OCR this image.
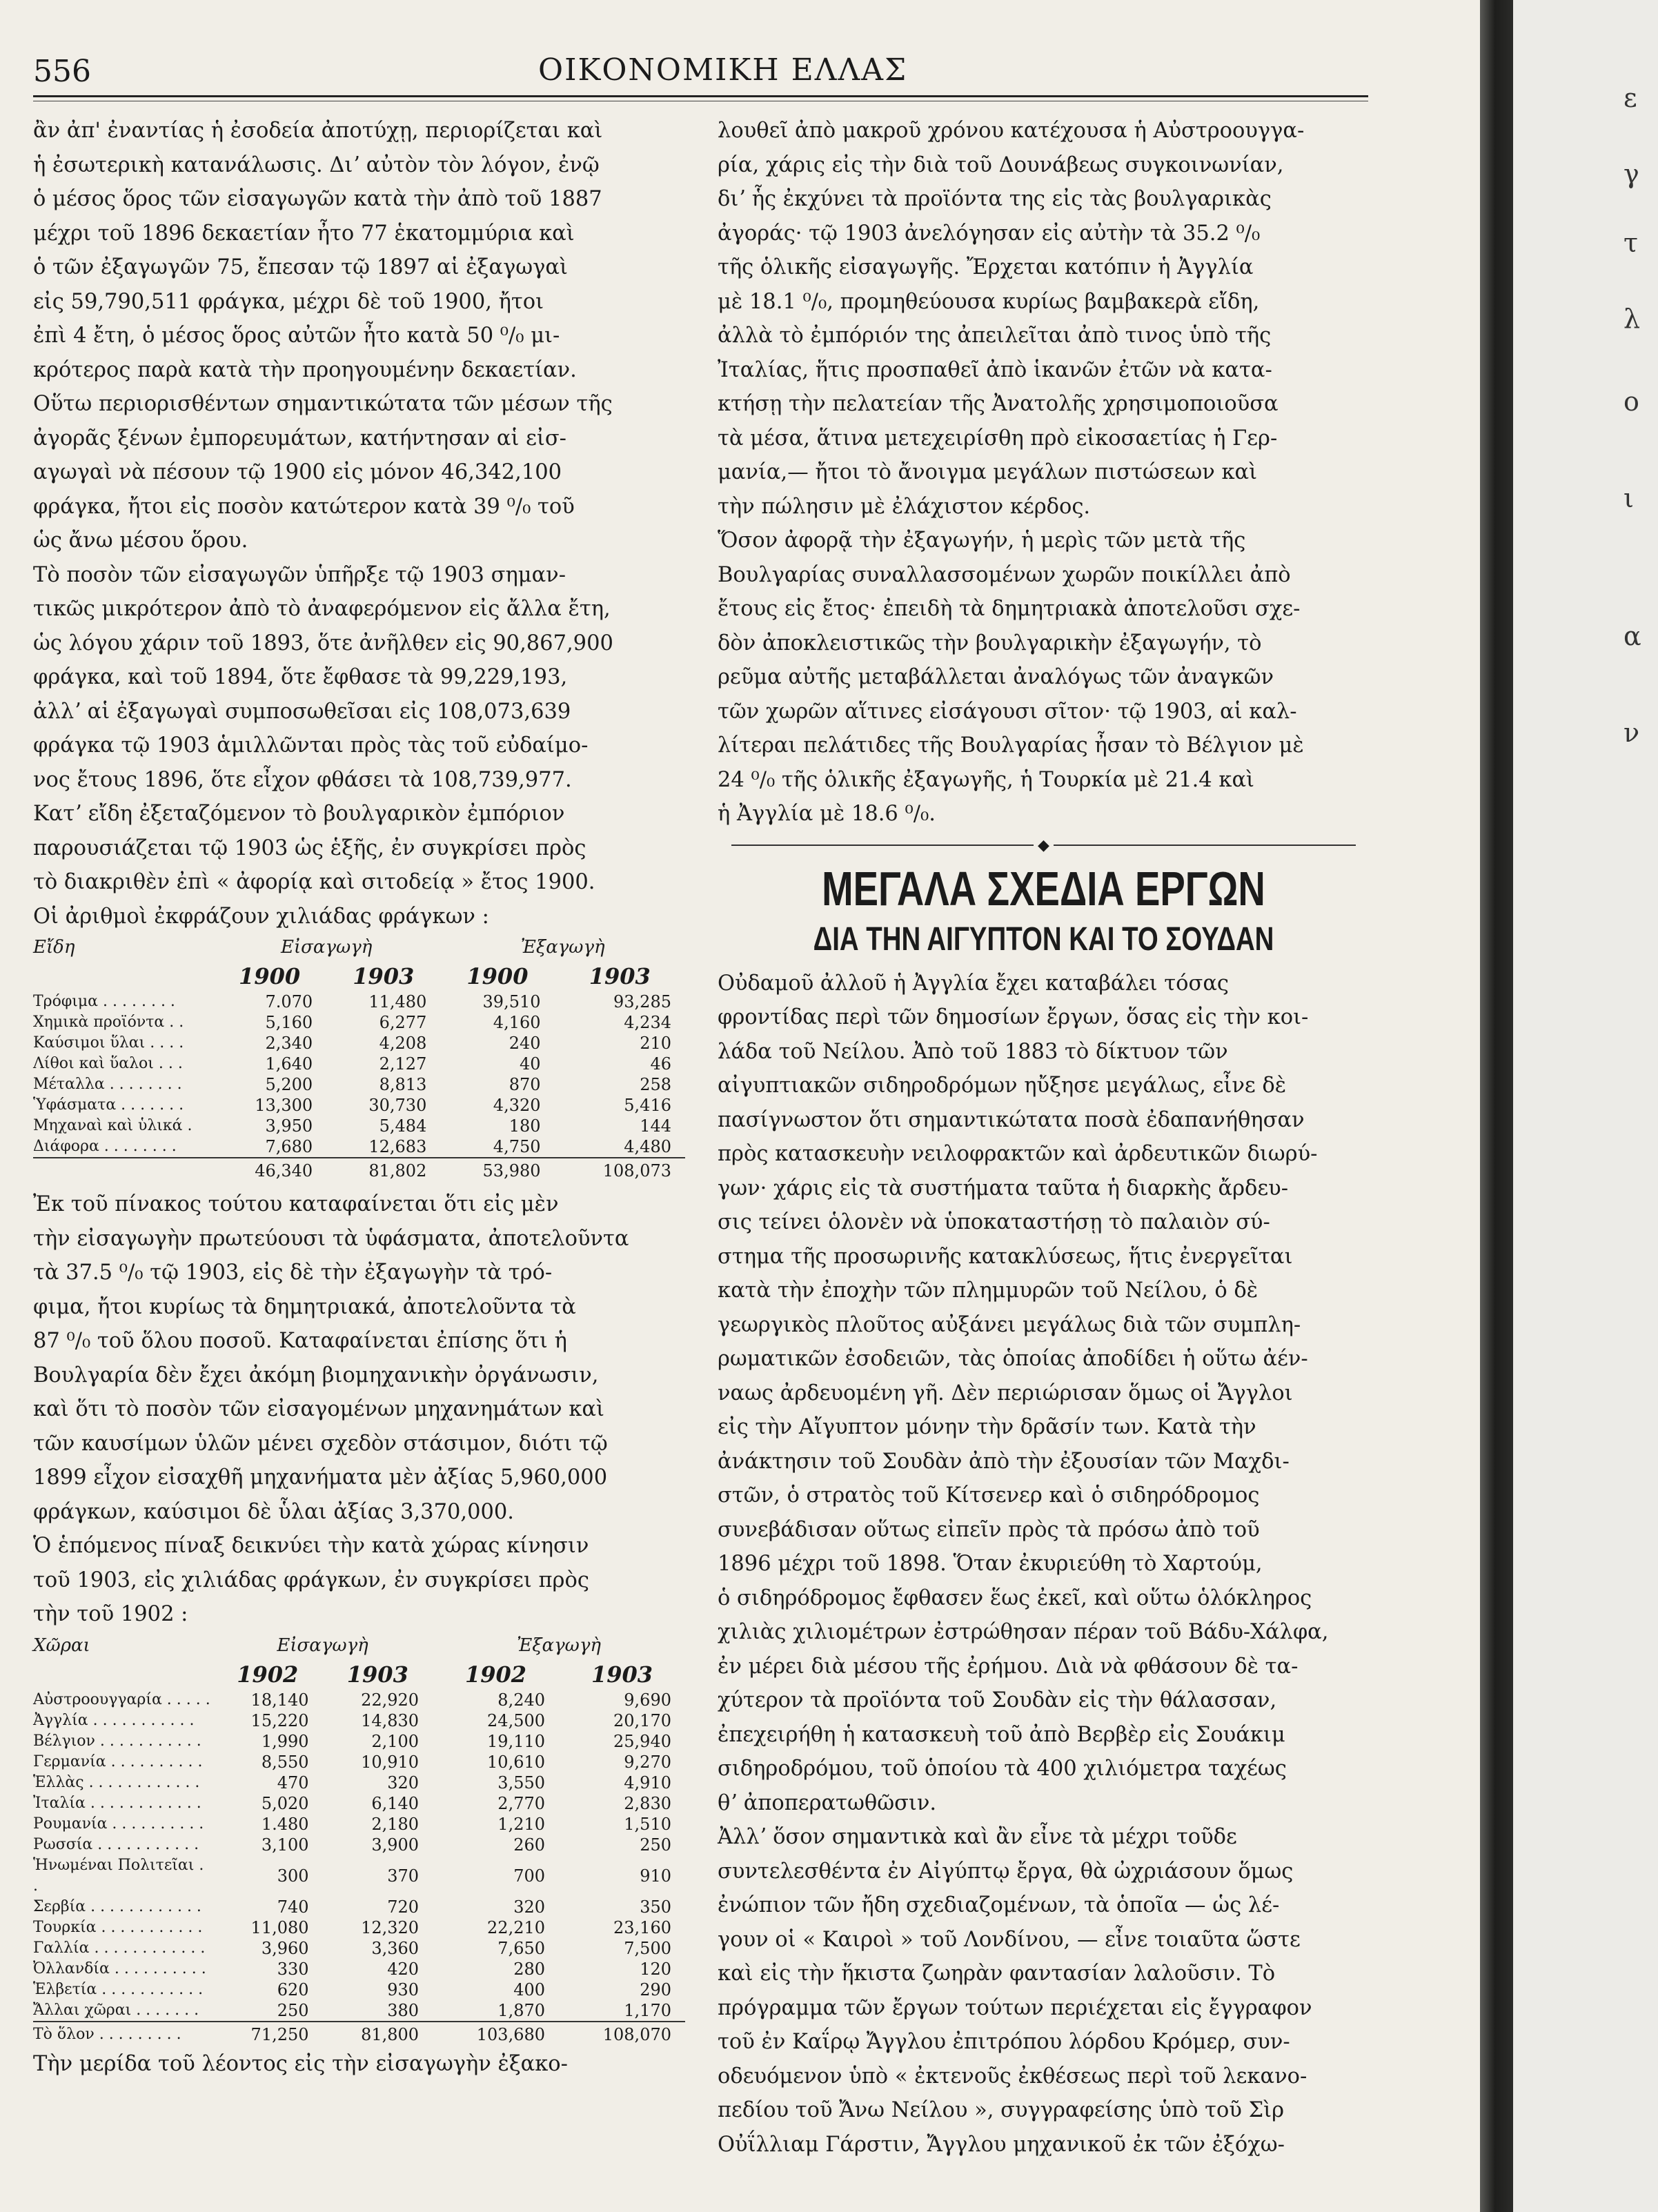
556	ΟΙΚΟΝΟΜΙΚΗ ΕΛΛΑΣ

ἂν ἀπ' ἐναντίας ἡ ἐσοδεία ἀποτύχῃ, περιορίζεται καὶ
ἡ ἐσωτερικὴ κατανάλωσις. Διʼ αὐτὸν τὸν λόγον, ἐνῷ
ὁ μέσος ὅρος τῶν εἰσαγωγῶν κατὰ τὴν ἀπὸ τοῦ 1887
μέχρι τοῦ 1896 δεκαετίαν ἦτο 77 ἑκατομμύρια καὶ
ὁ τῶν ἐξαγωγῶν 75, ἔπεσαν τῷ 1897 αἱ ἐξαγωγαὶ
εἰς 59,790,511 φράγκα, μέχρι δὲ τοῦ 1900, ἤτοι
ἐπὶ 4 ἔτη, ὁ μέσος ὅρος αὐτῶν ἦτο κατὰ 50 ⁰/₀ μι-
κρότερος παρὰ κατὰ τὴν προηγουμένην δεκαετίαν.
Οὕτω περιορισθέντων σημαντικώτατα τῶν μέσων τῆς
ἀγορᾶς ξένων ἐμπορευμάτων, κατήντησαν αἱ εἰσ-
αγωγαὶ νὰ πέσουν τῷ 1900 εἰς μόνον 46,342,100
φράγκα, ἤτοι εἰς ποσὸν κατώτερον κατὰ 39 ⁰/₀ τοῦ
ὡς ἄνω μέσου ὅρου.

Τὸ ποσὸν τῶν εἰσαγωγῶν ὑπῆρξε τῷ 1903 σημαν-
τικῶς μικρότερον ἀπὸ τὸ ἀναφερόμενον εἰς ἄλλα ἔτη,
ὡς λόγου χάριν τοῦ 1893, ὅτε ἀνῆλθεν εἰς 90,867,900
φράγκα, καὶ τοῦ 1894, ὅτε ἔφθασε τὰ 99,229,193,
ἀλλʼ αἱ ἐξαγωγαὶ συμποσωθεῖσαι εἰς 108,073,639
φράγκα τῷ 1903 ἁμιλλῶνται πρὸς τὰς τοῦ εὐδαίμο-
νος ἔτους 1896, ὅτε εἶχον φθάσει τὰ 108,739,977.

Κατʼ εἴδη ἐξεταζόμενον τὸ βουλγαρικὸν ἐμπόριον
παρουσιάζεται τῷ 1903 ὡς ἑξῆς, ἐν συγκρίσει πρὸς
τὸ διακριθὲν ἐπὶ « ἀφορίᾳ καὶ σιτοδείᾳ » ἔτος 1900.
Οἱ ἀριθμοὶ ἐκφράζουν χιλιάδας φράγκων :

Εἴδη	Εἰσαγωγὴ		Ἐξαγωγὴ	
	1900	1903	1900	1903
Τρόφιμα . . . . . . . .	7.070	11,480	39,510	93,285
Χημικὰ προϊόντα . .	5,160	6,277	4,160	4,234
Καύσιμοι ὕλαι . . . .	2,340	4,208	240	210
Λίθοι καὶ ὕαλοι . . .	1,640	2,127	40	46
Μέταλλα . . . . . . . .	5,200	8,813	870	258
Ὑφάσματα . . . . . . .	13,300	30,730	4,320	5,416
Μηχαναὶ καὶ ὑλικά .	3,950	5,484	180	144
Διάφορα . . . . . . . .	7,680	12,683	4,750	4,480
	46,340	81,802	53,980	108,073

Ἐκ τοῦ πίνακος τούτου καταφαίνεται ὅτι εἰς μὲν
τὴν εἰσαγωγὴν πρωτεύουσι τὰ ὑφάσματα, ἀποτελοῦντα
τὰ 37.5 ⁰/₀ τῷ 1903, εἰς δὲ τὴν ἐξαγωγὴν τὰ τρό-
φιμα, ἤτοι κυρίως τὰ δημητριακά, ἀποτελοῦντα τὰ
87 ⁰/₀ τοῦ ὅλου ποσοῦ. Καταφαίνεται ἐπίσης ὅτι ἡ
Βουλγαρία δὲν ἔχει ἀκόμη βιομηχανικὴν ὀργάνωσιν,
καὶ ὅτι τὸ ποσὸν τῶν εἰσαγομένων μηχανημάτων καὶ
τῶν καυσίμων ὑλῶν μένει σχεδὸν στάσιμον, διότι τῷ
1899 εἶχον εἰσαχθῆ μηχανήματα μὲν ἀξίας 5,960,000
φράγκων, καύσιμοι δὲ ὗλαι ἀξίας 3,370,000.

Ὁ ἑπόμενος πίναξ δεικνύει τὴν κατὰ χώρας κίνησιν
τοῦ 1903, εἰς χιλιάδας φράγκων, ἐν συγκρίσει πρὸς
τὴν τοῦ 1902 :

Χῶραι	Εἰσαγωγὴ		Ἐξαγωγὴ	
	1902	1903	1902	1903
Αὐστροουγγαρία . . . . .	18,140	22,920	8,240	9,690
Ἀγγλία . . . . . . . . . . .	15,220	14,830	24,500	20,170
Βέλγιον . . . . . . . . . . .	1,990	2,100	19,110	25,940
Γερμανία . . . . . . . . . .	8,550	10,910	10,610	9,270
Ἑλλὰς . . . . . . . . . . . .	470	320	3,550	4,910
Ἰταλία . . . . . . . . . . . .	5,020	6,140	2,770	2,830
Ρουμανία . . . . . . . . . .	1.480	2,180	1,210	1,510
Ρωσσία . . . . . . . . . . .	3,100	3,900	260	250
Ἡνωμέναι Πολιτεῖαι . .	300	370	700	910
Σερβία . . . . . . . . . . . .	740	720	320	350
Τουρκία . . . . . . . . . . .	11,080	12,320	22,210	23,160
Γαλλία . . . . . . . . . . . .	3,960	3,360	7,650	7,500
Ὀλλανδία . . . . . . . . . .	330	420	280	120
Ἑλβετία . . . . . . . . . . .	620	930	400	290
Ἄλλαι χῶραι . . . . . . .	250	380	1,870	1,170
Τὸ ὅλον . . . . . . . . .	71,250	81,800	103,680	108,070

Τὴν μερίδα τοῦ λέοντος εἰς τὴν εἰσαγωγὴν ἐξακο-

λουθεῖ ἀπὸ μακροῦ χρόνου κατέχουσα ἡ Αὐστροουγγα-
ρία, χάρις εἰς τὴν διὰ τοῦ Δουνάβεως συγκοινωνίαν,
διʼ ἧς ἐκχύνει τὰ προϊόντα της εἰς τὰς βουλγαρικὰς
ἀγοράς· τῷ 1903 ἀνελόγησαν εἰς αὐτὴν τὰ 35.2 ⁰/₀
τῆς ὁλικῆς εἰσαγωγῆς. Ἔρχεται κατόπιν ἡ Ἀγγλία
μὲ 18.1 ⁰/₀, προμηθεύουσα κυρίως βαμβακερὰ εἴδη,
ἀλλὰ τὸ ἐμπόριόν της ἀπειλεῖται ἀπὸ τινος ὑπὸ τῆς
Ἰταλίας, ἥτις προσπαθεῖ ἀπὸ ἱκανῶν ἐτῶν νὰ κατα-
κτήσῃ τὴν πελατείαν τῆς Ἀνατολῆς χρησιμοποιοῦσα
τὰ μέσα, ἅτινα μετεχειρίσθη πρὸ εἰκοσαετίας ἡ Γερ-
μανία,— ἤτοι τὸ ἄνοιγμα μεγάλων πιστώσεων καὶ
τὴν πώλησιν μὲ ἐλάχιστον κέρδος.

Ὅσον ἀφορᾷ τὴν ἐξαγωγήν, ἡ μερὶς τῶν μετὰ τῆς
Βουλγαρίας συναλλασσομένων χωρῶν ποικίλλει ἀπὸ
ἔτους εἰς ἔτος· ἐπειδὴ τὰ δημητριακὰ ἀποτελοῦσι σχε-
δὸν ἀποκλειστικῶς τὴν βουλγαρικὴν ἐξαγωγήν, τὸ
ρεῦμα αὐτῆς μεταβάλλεται ἀναλόγως τῶν ἀναγκῶν
τῶν χωρῶν αἵτινες εἰσάγουσι σῖτον· τῷ 1903, αἱ καλ-
λίτεραι πελάτιδες τῆς Βουλγαρίας ἦσαν τὸ Βέλγιον μὲ
24 ⁰/₀ τῆς ὁλικῆς ἐξαγωγῆς, ἡ Τουρκία μὲ 21.4 καὶ
ἡ Ἀγγλία μὲ 18.6 ⁰/₀.

◆
ΜΕΓΑΛΑ ΣΧΕΔΙΑ ΕΡΓΩΝ
ΔΙΑ ΤΗΝ ΑΙΓΥΠΤΟΝ ΚΑΙ ΤΟ ΣΟΥΔΑΝ

Οὐδαμοῦ ἀλλοῦ ἡ Ἀγγλία ἔχει καταβάλει τόσας
φροντίδας περὶ τῶν δημοσίων ἔργων, ὅσας εἰς τὴν κοι-
λάδα τοῦ Νείλου. Ἀπὸ τοῦ 1883 τὸ δίκτυον τῶν
αἰγυπτιακῶν σιδηροδρόμων ηὔξησε μεγάλως, εἶνε δὲ
πασίγνωστον ὅτι σημαντικώτατα ποσὰ ἐδαπανήθησαν
πρὸς κατασκευὴν νειλοφρακτῶν καὶ ἀρδευτικῶν διωρύ-
γων· χάρις εἰς τὰ συστήματα ταῦτα ἡ διαρκὴς ἄρδευ-
σις τείνει ὁλονὲν νὰ ὑποκαταστήσῃ τὸ παλαιὸν σύ-
στημα τῆς προσωρινῆς κατακλύσεως, ἥτις ἐνεργεῖται
κατὰ τὴν ἐποχὴν τῶν πλημμυρῶν τοῦ Νείλου, ὁ δὲ
γεωργικὸς πλοῦτος αὐξάνει μεγάλως διὰ τῶν συμπλη-
ρωματικῶν ἐσοδειῶν, τὰς ὁποίας ἀποδίδει ἡ οὕτω ἀέν-
ναως ἀρδευομένη γῆ. Δὲν περιώρισαν ὅμως οἱ Ἄγγλοι
εἰς τὴν Αἴγυπτον μόνην τὴν δρᾶσίν των. Κατὰ τὴν
ἀνάκτησιν τοῦ Σουδὰν ἀπὸ τὴν ἐξουσίαν τῶν Μαχδι-
στῶν, ὁ στρατὸς τοῦ Κίτσενερ καὶ ὁ σιδηρόδρομος
συνεβάδισαν οὕτως εἰπεῖν πρὸς τὰ πρόσω ἀπὸ τοῦ
1896 μέχρι τοῦ 1898. Ὅταν ἐκυριεύθη τὸ Χαρτούμ,
ὁ σιδηρόδρομος ἔφθασεν ἕως ἐκεῖ, καὶ οὕτω ὁλόκληρος
χιλιὰς χιλιομέτρων ἐστρώθησαν πέραν τοῦ Βάδυ-Χάλφα,
ἐν μέρει διὰ μέσου τῆς ἐρήμου. Διὰ νὰ φθάσουν δὲ τα-
χύτερον τὰ προϊόντα τοῦ Σουδὰν εἰς τὴν θάλασσαν,
ἐπεχειρήθη ἡ κατασκευὴ τοῦ ἀπὸ Βερβὲρ εἰς Σουάκιμ
σιδηροδρόμου, τοῦ ὁποίου τὰ 400 χιλιόμετρα ταχέως
θʼ ἀποπερατωθῶσιν.

Ἀλλʼ ὅσον σημαντικὰ καὶ ἂν εἶνε τὰ μέχρι τοῦδε
συντελεσθέντα ἐν Αἰγύπτῳ ἔργα, θὰ ὠχριάσουν ὅμως
ἐνώπιον τῶν ἤδη σχεδιαζομένων, τὰ ὁποῖα — ὡς λέ-
γουν οἱ « Καιροὶ » τοῦ Λονδίνου, — εἶνε τοιαῦτα ὥστε
καὶ εἰς τὴν ἥκιστα ζωηρὰν φαντασίαν λαλοῦσιν. Τὸ
πρόγραμμα τῶν ἔργων τούτων περιέχεται εἰς ἔγγραφον
τοῦ ἐν Καΐρῳ Ἄγγλου ἐπιτρόπου λόρδου Κρόμερ, συν-
οδευόμενον ὑπὸ « ἐκτενοῦς ἐκθέσεως περὶ τοῦ λεκανο-
πεδίου τοῦ Ἄνω Νείλου », συγγραφείσης ὑπὸ τοῦ Σὶρ
Οὐΐλλιαμ Γάρστιν, Ἄγγλου μηχανικοῦ ἐκ τῶν ἐξόχω-

ε
γ
τ
λ
ο
ι
α
ν
